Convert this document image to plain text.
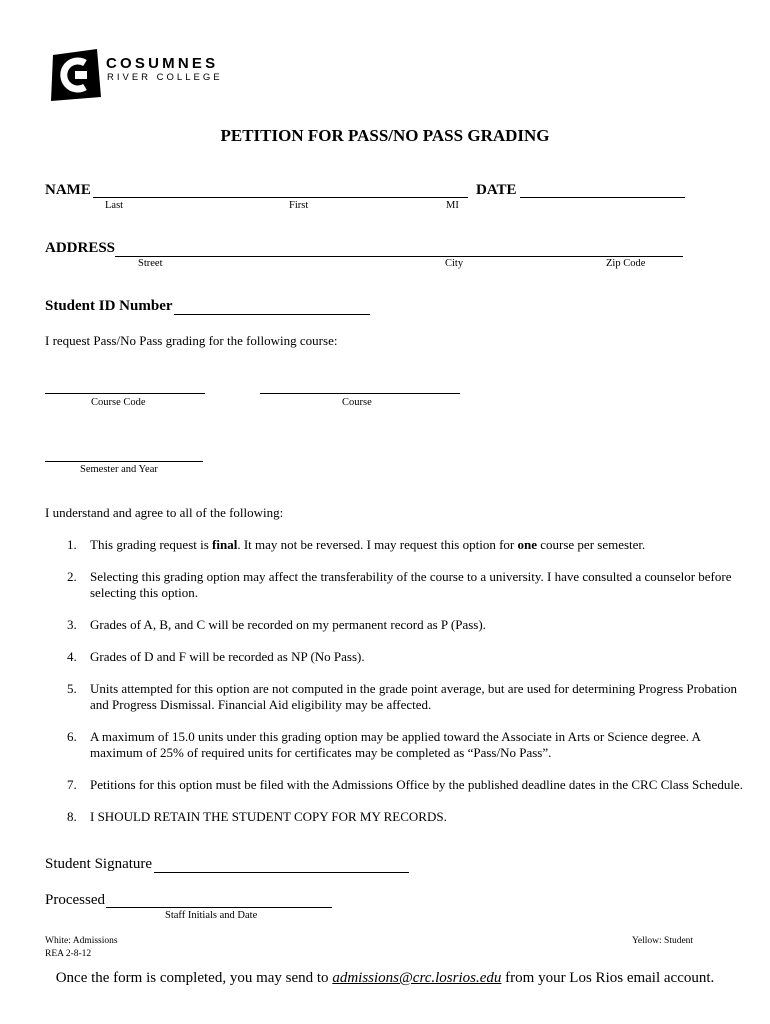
COSUMNES
RIVER COLLEGE
PETITION FOR PASS/NO PASS GRADING
NAME	DATE
Last	First	MI
ADDRESS
Street	City	Zip Code
Student ID Number
I request Pass/No Pass grading for the following course:
Course Code	Course
Semester and Year
I understand and agree to all of the following:
1. This grading request is final. It may not be reversed. I may request this option for one course per semester.
2. Selecting this grading option may affect the transferability of the course to a university. I have consulted a counselor before selecting this option.
3. Grades of A, B, and C will be recorded on my permanent record as P (Pass).
4. Grades of D and F will be recorded as NP (No Pass).
5. Units attempted for this option are not computed in the grade point average, but are used for determining Progress Probation and Progress Dismissal. Financial Aid eligibility may be affected.
6. A maximum of 15.0 units under this grading option may be applied toward the Associate in Arts or Science degree. A maximum of 25% of required units for certificates may be completed as “Pass/No Pass”.
7. Petitions for this option must be filed with the Admissions Office by the published deadline dates in the CRC Class Schedule.
8. I SHOULD RETAIN THE STUDENT COPY FOR MY RECORDS.
Student Signature
Processed
Staff Initials and Date
White: Admissions	Yellow: Student
REA 2-8-12
Once the form is completed, you may send to admissions@crc.losrios.edu from your Los Rios email account.
